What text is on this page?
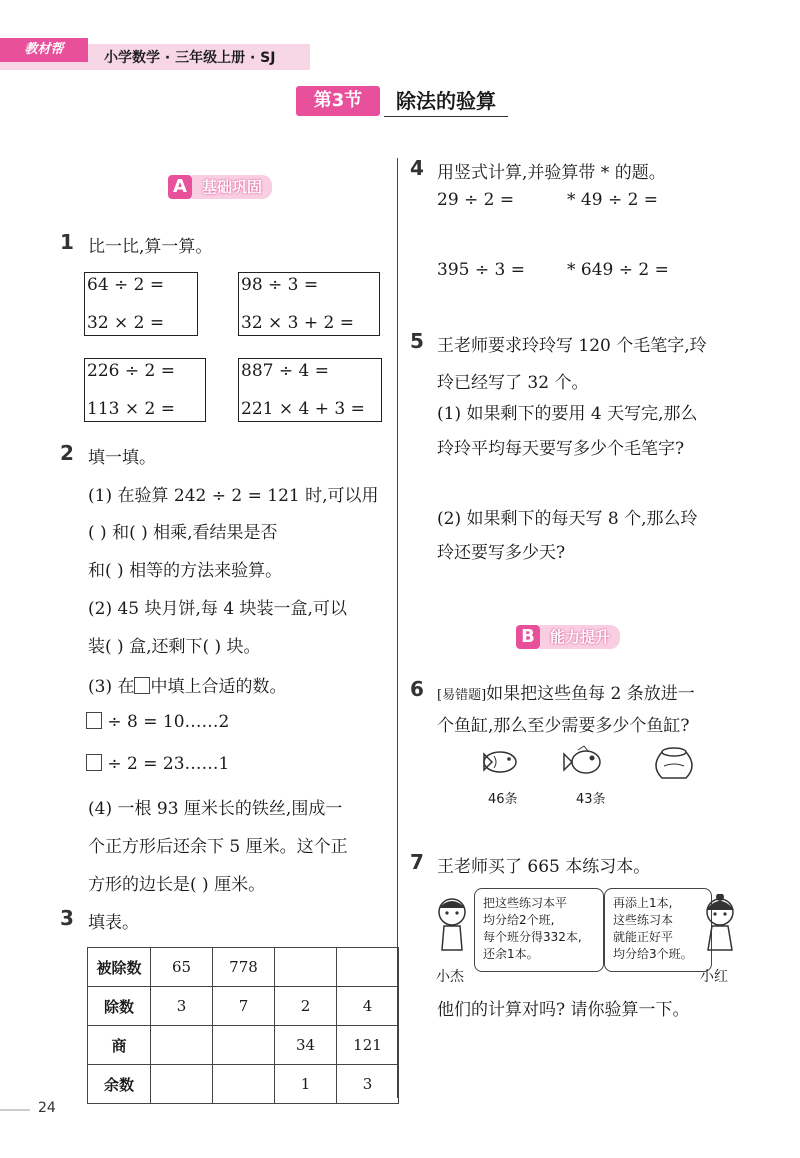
教材帮
小学数学 · 三年级上册 · SJ
第3节	除法的验算
A	基础巩固
1 比一比,算一算。
64 ÷ 2 =
32 × 2 =
98 ÷ 3 =
32 × 3 + 2 =
226 ÷ 2 =
113 × 2 =
887 ÷ 4 =
221 × 4 + 3 =
2 填一填。
(1) 在验算 242 ÷ 2 = 121 时,可以用
( ) 和( ) 相乘,看结果是否
和( ) 相等的方法来验算。
(2) 45 块月饼,每 4 块装一盒,可以
装( ) 盒,还剩下( ) 块。
(3) 在 中填上合适的数。
÷ 8 = 10……2
÷ 2 = 23……1
(4) 一根 93 厘米长的铁丝,围成一
个正方形后还余下 5 厘米。这个正
方形的边长是( ) 厘米。
3 填表。
被除数	65	778		
除数	3	7	2	4
商			34	121
余数			1	3
4 用竖式计算,并验算带 * 的题。
29 ÷ 2 =	* 49 ÷ 2 =
395 ÷ 3 = * 649 ÷ 2 =
5 王老师要求玲玲写 120 个毛笔字,玲
玲已经写了 32 个。
(1) 如果剩下的要用 4 天写完,那么
玲玲平均每天要写多少个毛笔字?
(2) 如果剩下的每天写 8 个,那么玲
玲还要写多少天?
B	能力提升
6 [易错题]如果把这些鱼每 2 条放进一
个鱼缸,那么至少需要多少个鱼缸?
46条	43条
7 王老师买了 665 本练习本。
把这些练习本平
均分给2个班,
每个班分得332本,
还余1本。
再添上1本,
这些练习本
就能正好平
均分给3个班。
小杰	小红
他们的计算对吗? 请你验算一下。
24
